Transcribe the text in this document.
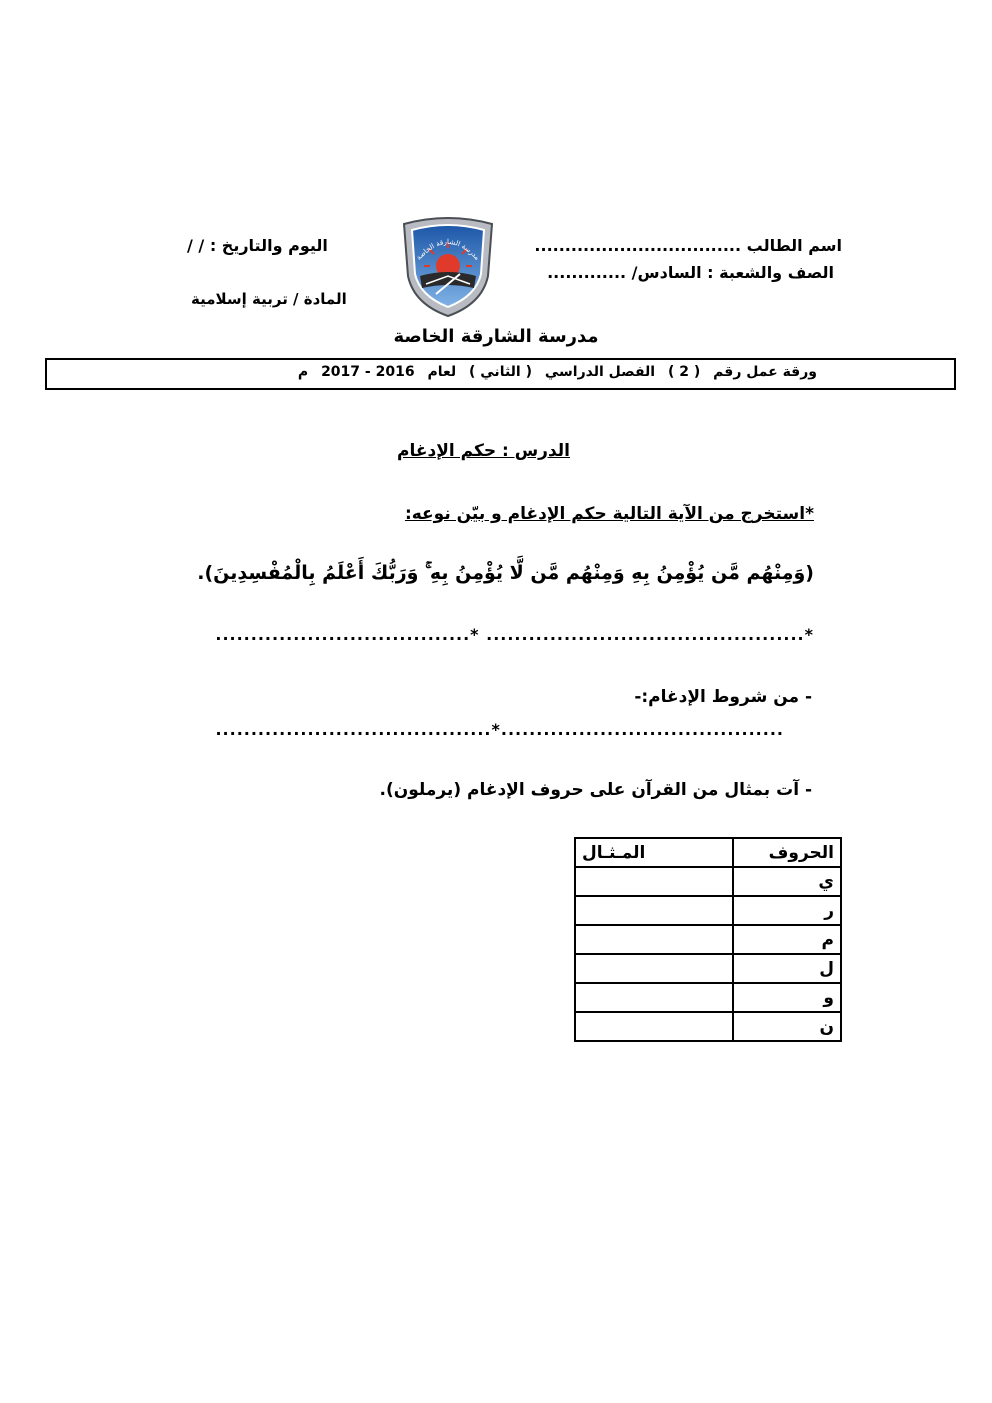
اسم الطالب ..................................
الصف والشعبة : السادس/ .............
اليوم والتاريخ : / /
المادة / تربية إسلامية
مدرسة الشارقة الخاصة
مدرسة الشارقة الخاصة
ورقة عمل رقم ( 2 ) الفصل الدراسي ( الثاني ) لعام 2016 - 2017 م
الدرس : حكم الإدغام
*استخرج من الآية التالية حكم الإدغام و بيّن نوعه:
(وَمِنْهُم مَّن يُؤْمِنُ بِهِ وَمِنْهُم مَّن لَّا يُؤْمِنُ بِهِ ۚ وَرَبُّكَ أَعْلَمُ بِالْمُفْسِدِينَ).
*............................................. *....................................
- من شروط الإدغام:-
........................................*.......................................
- آت بمثال من القرآن على حروف الإدغام (يرملون).
الحروف	المـثـال
ي	
ر	
م	
ل	
و	
ن	
